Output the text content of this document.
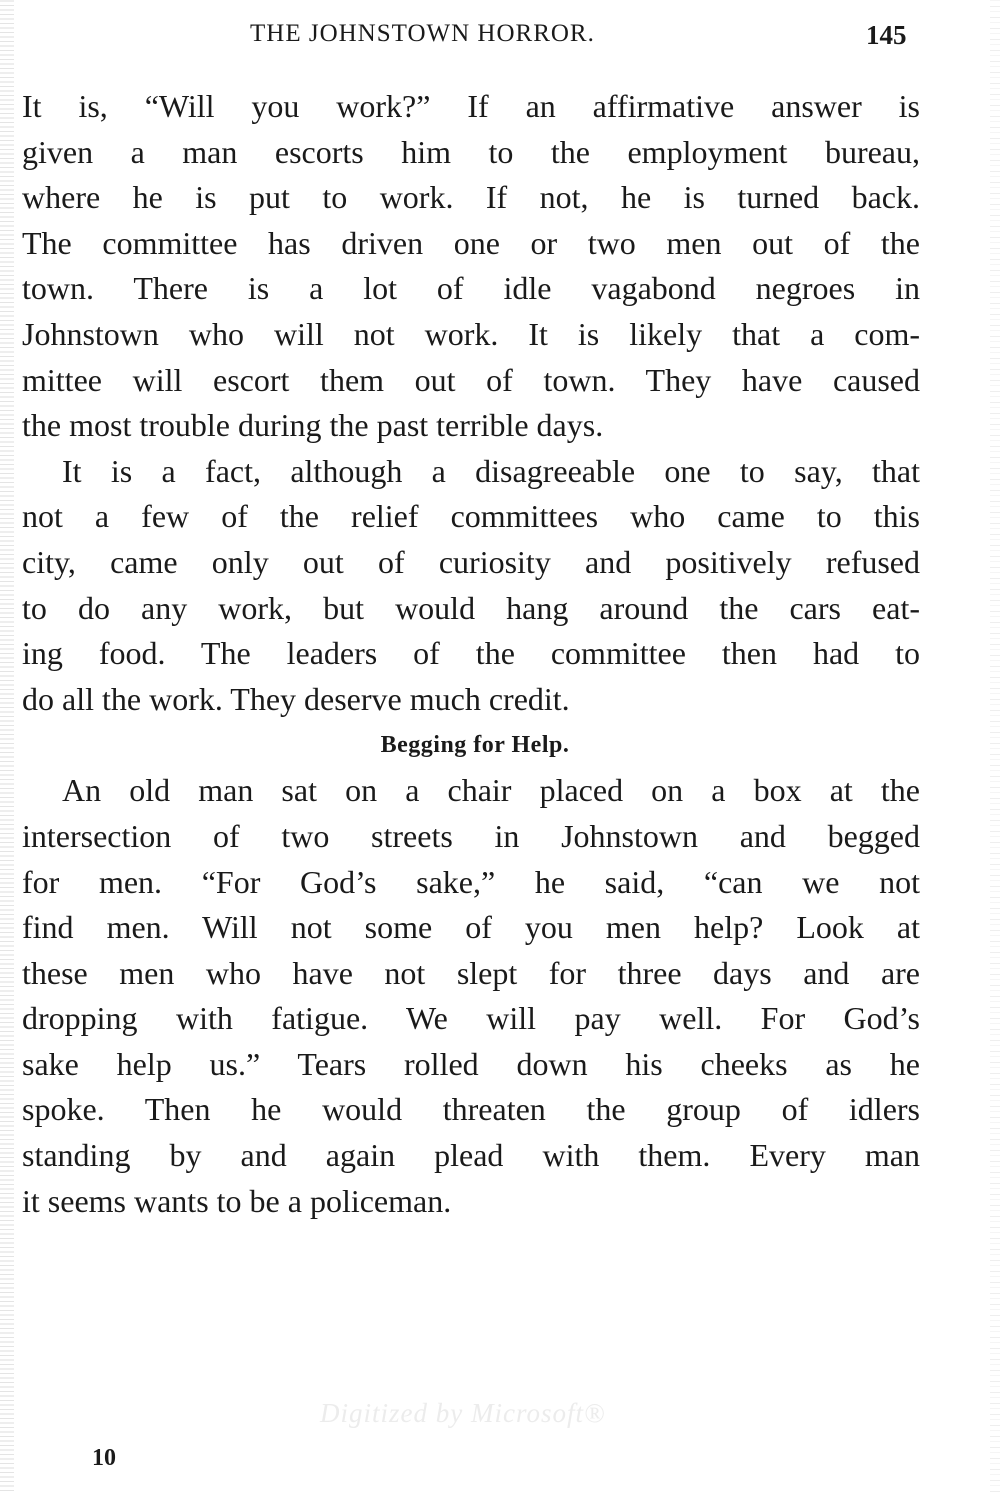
THE JOHNSTOWN HORROR.	145
It is, “Will you work?” If an affirmative answer is
given a man escorts him to the employment bureau,
where he is put to work. If not, he is turned back.
The committee has driven one or two men out of the
town. There is a lot of idle vagabond negroes in
Johnstown who will not work. It is likely that a com-
mittee will escort them out of town. They have caused
the most trouble during the past terrible days.
It is a fact, although a disagreeable one to say, that
not a few of the relief committees who came to this
city, came only out of curiosity and positively refused
to do any work, but would hang around the cars eat-
ing food. The leaders of the committee then had to
do all the work. They deserve much credit.
Begging for Help.
An old man sat on a chair placed on a box at the
intersection of two streets in Johnstown and begged
for men. “For God’s sake,” he said, “can we not
find men. Will not some of you men help? Look at
these men who have not slept for three days and are
dropping with fatigue. We will pay well. For God’s
sake help us.” Tears rolled down his cheeks as he
spoke. Then he would threaten the group of idlers
standing by and again plead with them. Every man
it seems wants to be a policeman.
Digitized by Microsoft®
10
